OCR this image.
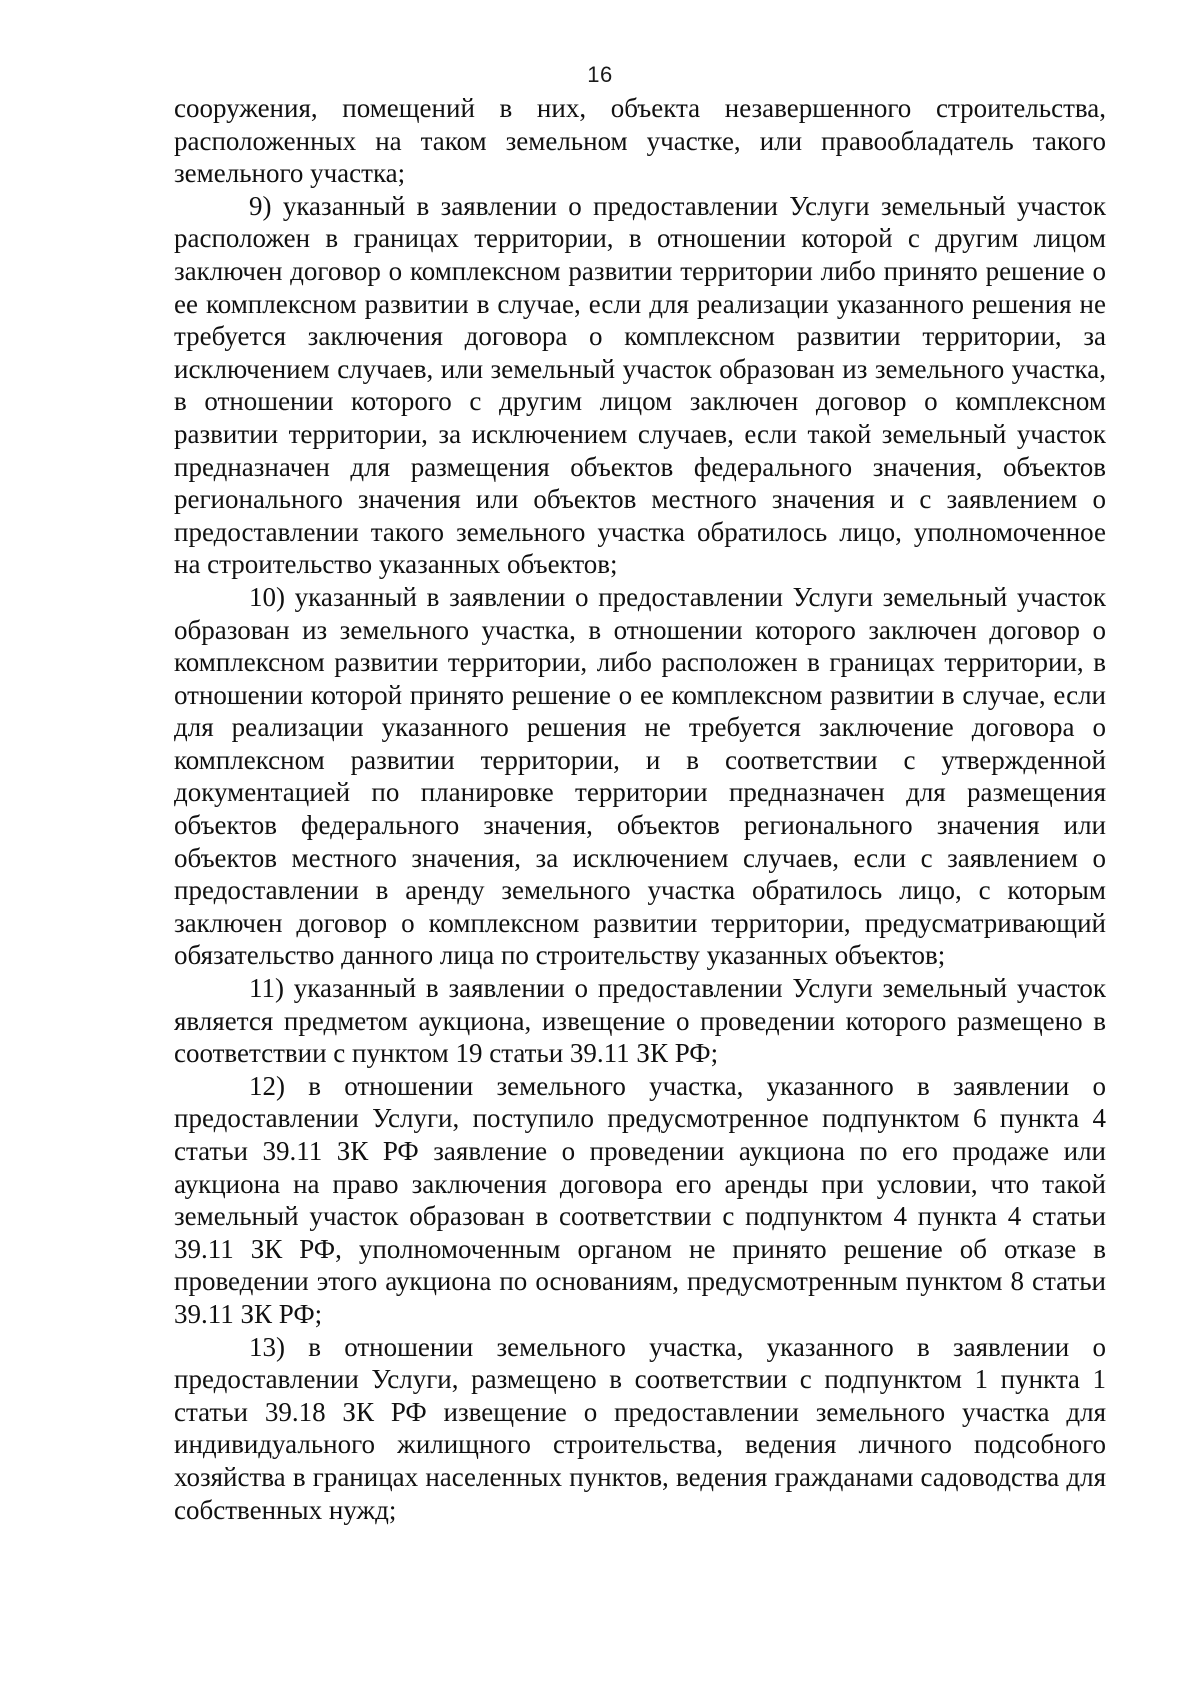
16

сооружения, помещений в них, объекта незавершенного строительства, расположенных на таком земельном участке, или правообладатель такого земельного участка;

9) указанный в заявлении о предоставлении Услуги земельный участок расположен в границах территории, в отношении которой с другим лицом заключен договор о комплексном развитии территории либо принято решение о ее комплексном развитии в случае, если для реализации указанного решения не требуется заключения договора о комплексном развитии территории, за исключением случаев, или земельный участок образован из земельного участка, в отношении которого с другим лицом заключен договор о комплексном развитии территории, за исключением случаев, если такой земельный участок предназначен для размещения объектов федерального значения, объектов регионального значения или объектов местного значения и с заявлением о предоставлении такого земельного участка обратилось лицо, уполномоченное на строительство указанных объектов;

10) указанный в заявлении о предоставлении Услуги земельный участок образован из земельного участка, в отношении которого заключен договор о комплексном развитии территории, либо расположен в границах территории, в отношении которой принято решение о ее комплексном развитии в случае, если для реализации указанного решения не требуется заключение договора о комплексном развитии территории, и в соответствии с утвержденной документацией по планировке территории предназначен для размещения объектов федерального значения, объектов регионального значения или объектов местного значения, за исключением случаев, если с заявлением о предоставлении в аренду земельного участка обратилось лицо, с которым заключен договор о комплексном развитии территории, предусматривающий обязательство данного лица по строительству указанных объектов;

11) указанный в заявлении о предоставлении Услуги земельный участок является предметом аукциона, извещение о проведении которого размещено в соответствии с пунктом 19 статьи 39.11 ЗК РФ;

12) в отношении земельного участка, указанного в заявлении о предоставлении Услуги, поступило предусмотренное подпунктом 6 пункта 4 статьи 39.11 ЗК РФ заявление о проведении аукциона по его продаже или аукциона на право заключения договора его аренды при условии, что такой земельный участок образован в соответствии с подпунктом 4 пункта 4 статьи 39.11 ЗК РФ, уполномоченным органом не принято решение об отказе в проведении этого аукциона по основаниям, предусмотренным пунктом 8 статьи 39.11 ЗК РФ;

13) в отношении земельного участка, указанного в заявлении о предоставлении Услуги, размещено в соответствии с подпунктом 1 пункта 1 статьи 39.18 ЗК РФ извещение о предоставлении земельного участка для индивидуального жилищного строительства, ведения личного подсобного хозяйства в границах населенных пунктов, ведения гражданами садоводства для собственных нужд;
